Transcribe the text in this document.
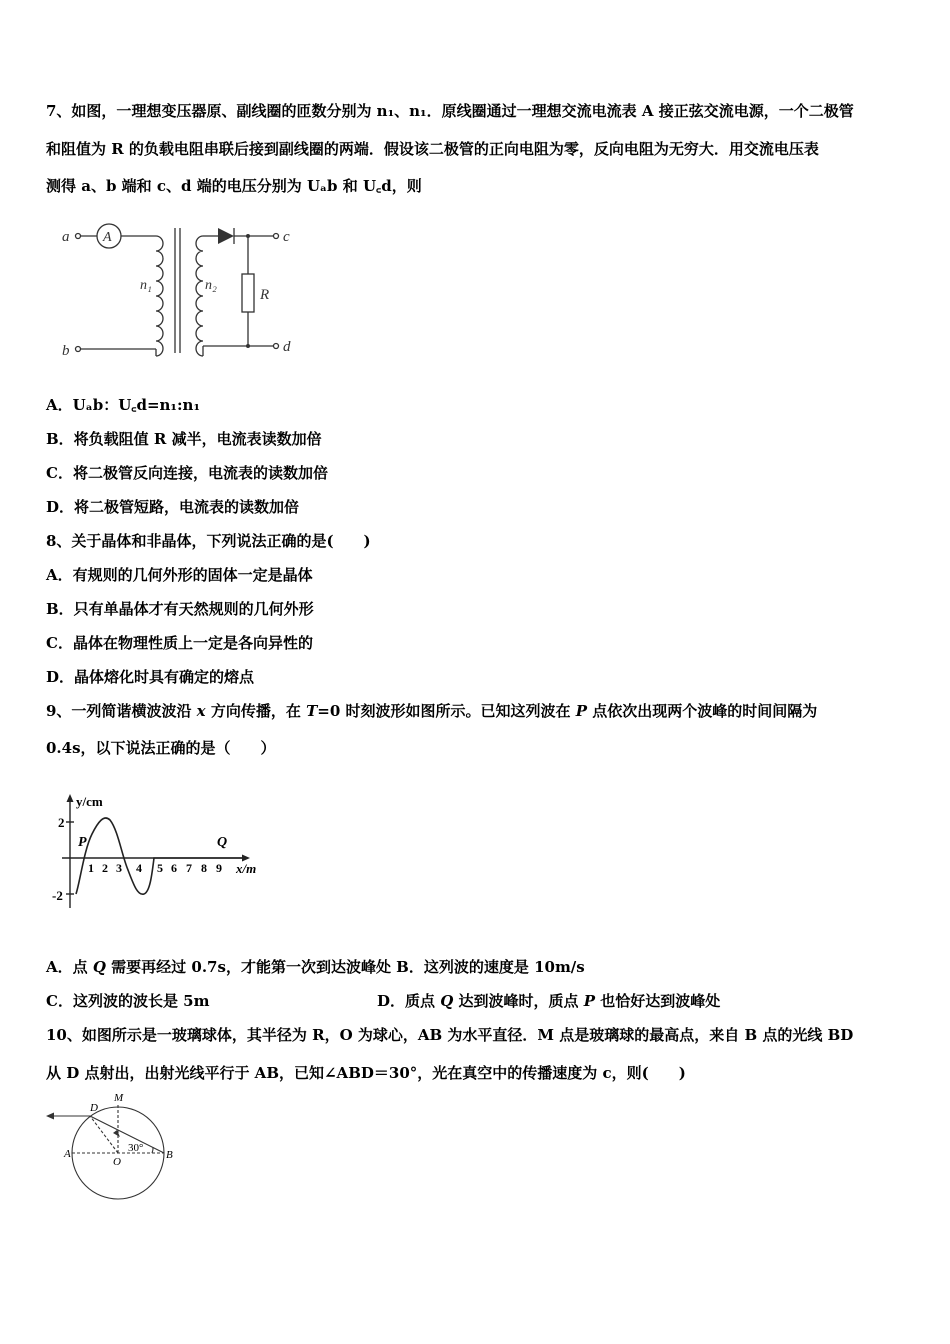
7、如图，一理想变压器原、副线圈的匝数分别为 n₁、n₁．原线圈通过一理想交流电流表 A 接正弦交流电源，一个二极管
和阻值为 R 的负载电阻串联后接到副线圈的两端．假设该二极管的正向电阻为零，反向电阻为无穷大．用交流电压表
测得 a、b 端和 c、d 端的电压分别为 Uₐb 和 U꜀d，则
a
b
c
d
A
n₁	n₂
R
A．Uₐb：U꜀d=n₁:n₁
B．将负载阻值 R 减半，电流表读数加倍
C．将二极管反向连接，电流表的读数加倍
D．将二极管短路，电流表的读数加倍
8、关于晶体和非晶体，下列说法正确的是(　　)
A．有规则的几何外形的固体一定是晶体
B．只有单晶体才有天然规则的几何外形
C．晶体在物理性质上一定是各向异性的
D．晶体熔化时具有确定的熔点
9、一列简谐横波波沿 x 方向传播，在 T=0 时刻波形如图所示。已知这列波在 P 点依次出现两个波峰的时间间隔为
0.4s，以下说法正确的是（　　）
y/cm
x/m
2
-2
P	Q
1 2 3 4 5 6 7 8 9
A．点 Q 需要再经过 0.7s，才能第一次到达波峰处 B．这列波的速度是 10m/s
C．这列波的波长是 5m	D．质点 Q 达到波峰时，质点 P 也恰好达到波峰处
10、如图所示是一玻璃球体，其半径为 R，O 为球心，AB 为水平直径．M 点是玻璃球的最高点，来自 B 点的光线 BD
从 D 点射出，出射光线平行于 AB，已知∠ABD＝30°，光在真空中的传播速度为 c，则(　　)
D
M
A
O
B
30°
